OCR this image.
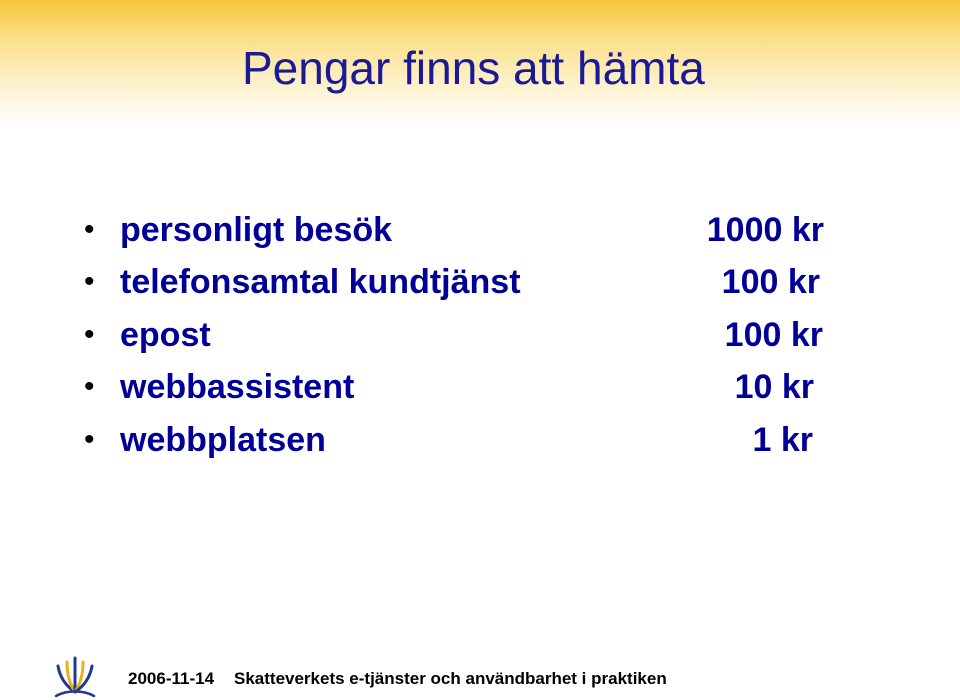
Pengar finns att hämta
• personligt besök	1000 kr
• telefonsamtal kundtjänst	100 kr
• epost	100 kr
• webbassistent	10 kr
• webbplatsen	1 kr
2006-11-14 Skatteverkets e-tjänster och användbarhet i praktiken
